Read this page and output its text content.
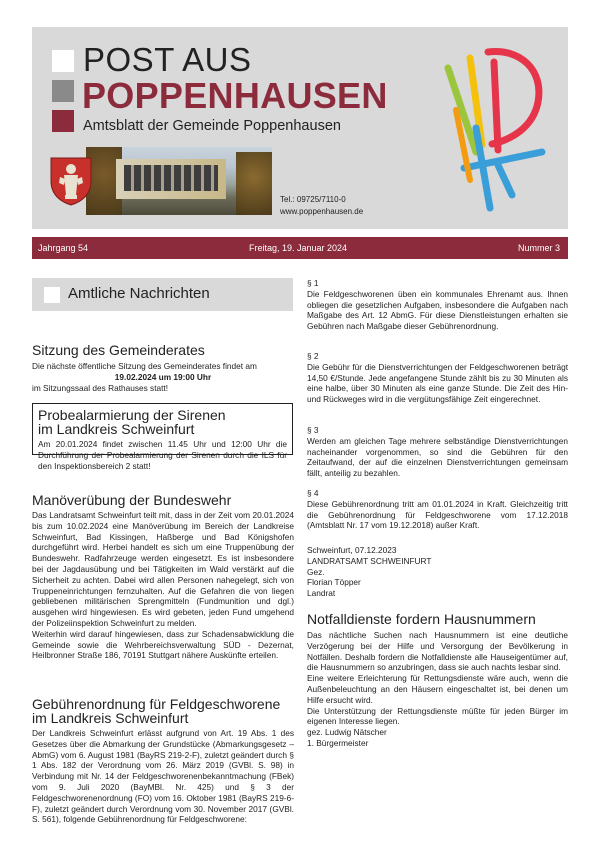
POST AUS
POPPENHAUSEN
Amtsblatt der Gemeinde Poppenhausen
Tel.: 09725/7110-0
www.poppenhausen.de
Jahrgang 54	Freitag, 19. Januar 2024	Nummer 3
Amtliche Nachrichten
Sitzung des Gemeinderates

Die nächste öffentliche Sitzung des Gemeinderates findet am

19.02.2024 um 19:00 Uhr

im Sitzungssaal des Rathauses statt!

Probealarmierung der Sirenen
im Landkreis Schweinfurt
Am 20.01.2024 findet zwischen 11.45 Uhr und 12:00 Uhr die Durchführung der Probealarmierung der Sirenen durch die ILS für den Inspektionsbereich 2 statt!
Manöverübung der Bundeswehr

Das Landratsamt Schweinfurt teilt mit, dass in der Zeit vom 20.01.2024 bis zum 10.02.2024 eine Manöverübung im Bereich der Landkreise Schweinfurt, Bad Kissingen, Haßberge und Bad Königshofen durchgeführt wird. Herbei handelt es sich um eine Truppenübung der Bundeswehr. Radfahrzeuge werden eingesetzt. Es ist insbesondere bei der Jagdausübung und bei Tätigkeiten im Wald verstärkt auf die Sicherheit zu achten. Dabei wird allen Personen nahegelegt, sich von Truppeneinrichtungen fernzuhalten. Auf die Gefahren die von liegen gebliebenen militärischen Sprengmitteln (Fundmunition und dgl.) ausgehen wird hingewiesen. Es wird gebeten, jeden Fund umgehend der Polizeiinspektion Schweinfurt zu melden.

Weiterhin wird darauf hingewiesen, dass zur Schadensabwicklung die Gemeinde sowie die Wehrbereichsverwaltung SÜD - Dezernat, Heilbronner Straße 186, 70191 Stuttgart nähere Auskünfte erteilen.

Gebührenordnung für Feldgeschworene
im Landkreis Schweinfurt
Der Landkreis Schweinfurt erlässt aufgrund von Art. 19 Abs. 1 des Gesetzes über die Abmarkung der Grundstücke (Abmarkungsgesetz – AbmG) vom 6. August 1981 (BayRS 219-2-F), zuletzt geändert durch § 1 Abs. 182 der Verordnung vom 26. März 2019 (GVBl. S. 98) in Verbindung mit Nr. 14 der Feldgeschworenenbekanntmachung (FBek) vom 9. Juli 2020 (BayMBl. Nr. 425) und § 3 der Feldgeschworenenordnung (FO) vom 16. Oktober 1981 (BayRS 219-6-F), zuletzt geändert durch Verordnung vom 30. November 2017 (GVBl. S. 561), folgende Gebührenordnung für Feldgeschworene:

§ 1

Die Feldgeschworenen üben ein kommunales Ehrenamt aus. Ihnen obliegen die gesetzlichen Aufgaben, insbesondere die Aufgaben nach Maßgabe des Art. 12 AbmG. Für diese Dienstleistungen erhalten sie Gebühren nach Maßgabe dieser Gebührenordnung.

§ 2

Die Gebühr für die Dienstverrichtungen der Feldgeschworenen beträgt 14,50 €/Stunde. Jede angefangene Stunde zählt bis zu 30 Minuten als eine halbe, über 30 Minuten als eine ganze Stunde. Die Zeit des Hin- und Rückweges wird in die vergütungsfähige Zeit eingerechnet.

§ 3

Werden am gleichen Tage mehrere selbständige Dienstverrichtungen nacheinander vorgenommen, so sind die Gebühren für den Zeitaufwand, der auf die einzelnen Dienstverrichtungen gemeinsam fällt, anteilig zu bezahlen.

§ 4

Diese Gebührenordnung tritt am 01.01.2024 in Kraft. Gleichzeitig tritt die Gebührenordnung für Feldgeschworene vom 17.12.2018 (Amtsblatt Nr. 17 vom 19.12.2018) außer Kraft.

Schweinfurt, 07.12.2023

LANDRATSAMT SCHWEINFURT

Gez.

Florian Töpper

Landrat

Notfalldienste fordern Hausnummern

Das nächtliche Suchen nach Hausnummern ist eine deutliche Verzögerung bei der Hilfe und Versorgung der Bevölkerung in Notfällen. Deshalb fordern die Notfalldienste alle Hauseigentümer auf, die Hausnummern so anzubringen, dass sie auch nachts lesbar sind.

Eine weitere Erleichterung für Rettungsdienste wäre auch, wenn die Außenbeleuchtung an den Häusern eingeschaltet ist, bei denen um Hilfe ersucht wird.

Die Unterstützung der Rettungsdienste müßte für jeden Bürger im eigenen Interesse liegen.

gez. Ludwig Nätscher

1. Bürgermeister
